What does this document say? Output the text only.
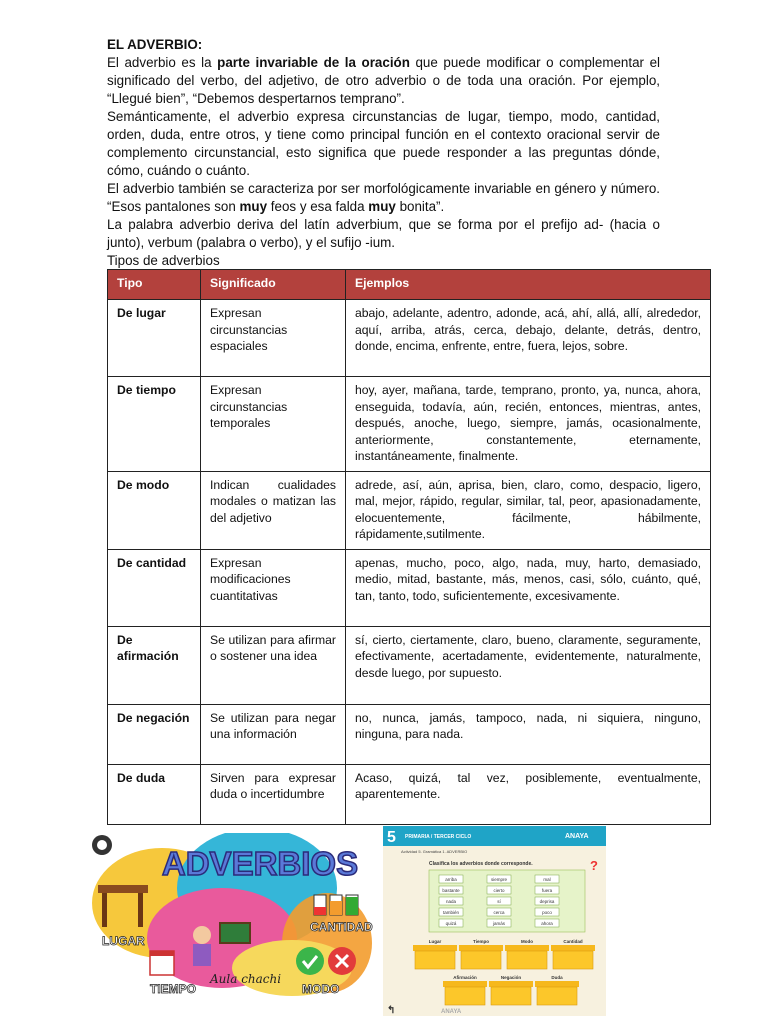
EL ADVERBIO:
El adverbio es la parte invariable de la oración que puede modificar o complementar el significado del verbo, del adjetivo, de otro adverbio o de toda una oración. Por ejemplo, “Llegué bien”, “Debemos despertarnos temprano”.
Semánticamente, el adverbio expresa circunstancias de lugar, tiempo, modo, cantidad, orden, duda, entre otros, y tiene como principal función en el contexto oracional servir de complemento circunstancial, esto significa que puede responder a las preguntas dónde, cómo, cuándo o cuánto.
El adverbio también se caracteriza por ser morfológicamente invariable en género y número. “Esos pantalones son muy feos y esa falda muy bonita”.
La palabra adverbio deriva del latín adverbium, que se forma por el prefijo ad- (hacia o junto), verbum (palabra o verbo), y el sufijo -ium.
Tipos de adverbios
Tipo	Significado	Ejemplos
De lugar	Expresan circunstancias espaciales	abajo, adelante, adentro, adonde, acá, ahí, allá, allí, alrededor, aquí, arriba, atrás, cerca, debajo, delante, detrás, dentro, donde, encima, enfrente, entre, fuera, lejos, sobre.
De tiempo	Expresan circunstancias temporales	hoy, ayer, mañana, tarde, temprano, pronto, ya, nunca, ahora, enseguida, todavía, aún, recién, entonces, mientras, antes, después, anoche, luego, siempre, jamás, ocasionalmente, anteriormente, constantemente, eternamente, instantáneamente, finalmente.
De modo	Indican cualidades modales o matizan las del adjetivo	adrede, así, aún, aprisa, bien, claro, como, despacio, ligero, mal, mejor, rápido, regular, similar, tal, peor, apasionadamente, elocuentemente, fácilmente, hábilmente, rápidamente,sutilmente.
De cantidad	Expresan modificaciones cuantitativas	apenas, mucho, poco, algo, nada, muy, harto, demasiado, medio, mitad, bastante, más, menos, casi, sólo, cuánto, qué, tan, tanto, todo, suficientemente, excesivamente.
De afirmación	Se utilizan para afirmar o sostener una idea	sí, cierto, ciertamente, claro, bueno, claramente, seguramente, efectivamente, acertadamente, evidentemente, naturalmente, desde luego, por supuesto.
De negación	Se utilizan para negar una información	no, nunca, jamás, tampoco, nada, ni siquiera, ninguno, ninguna, para nada.
De duda	Sirven para expresar duda o incertidumbre	Acaso, quizá, tal vez, posiblemente, eventualmente, aparentemente.
ADVERBIOS
LUGAR
TIEMPO
Aula chachi
CANTIDAD
MODO
5 PRIMARIA / TERCER CICLO	ANAYA
Actividad 5. Gramática 1. ADVERBIO
Clasifica los adverbios donde corresponde.	?
arriba
bastante
nada
también
quizá
siempre
cierto
sí
cerca
jamás
mal
fuera
deprisa
poco
ahora
Lugar	Tiempo	Modo	Cantidad
Afirmación	Negación	Duda
↰	ANAYA
